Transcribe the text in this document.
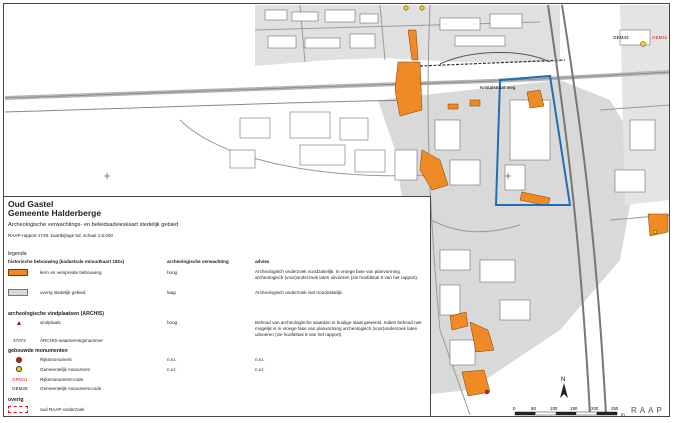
N
Kristalstraat weg
GEM43	GEM11
0	50	100	150	200	250
m RAAP
Oud Gastel
Gemeente Halderberge
Archeologische verwachtings- en beleidsadvieskaart stedelijk gebied
RAAP-rapport 1729: kaartbijlage 5d, schaal 1:5.000
legenda
historische bebouwing (kadastrale minuutkaart 182x)	archeologische verwachting	advies
kern en verspreide bebouwing	hoog	Archeologisch onderzoek noodzakelijk. In vroege fase van planvorming archeologisch (voor)onderzoek laten uitvoeren (zie hoofdstuk 9 van het rapport).
overig stedelijk gebied	laag	Archeologisch onderzoek niet noodzakelijk.
archeologische vindplaatsen (ARCHIS)
vindplaats	hoog	Behoud van archeologische waarden in huidige staat gewenst. Indien behoud niet mogelijk is in vroege fase van planvorming archeologisch (voor)onderzoek laten uitvoeren (zie hoofdstuk 9 van het rapport).
37072	ARCHIS-waarnemingsnummer
gebouwde monumenten
Rijksmonument	n.v.t.	n.v.t.
Gemeentelijk monument	n.v.t.	n.v.t.
GRM11	Rijksmonument-code
GEM28	Gemeentelijk monument-code
overig
oud RAAP-onderzoek
